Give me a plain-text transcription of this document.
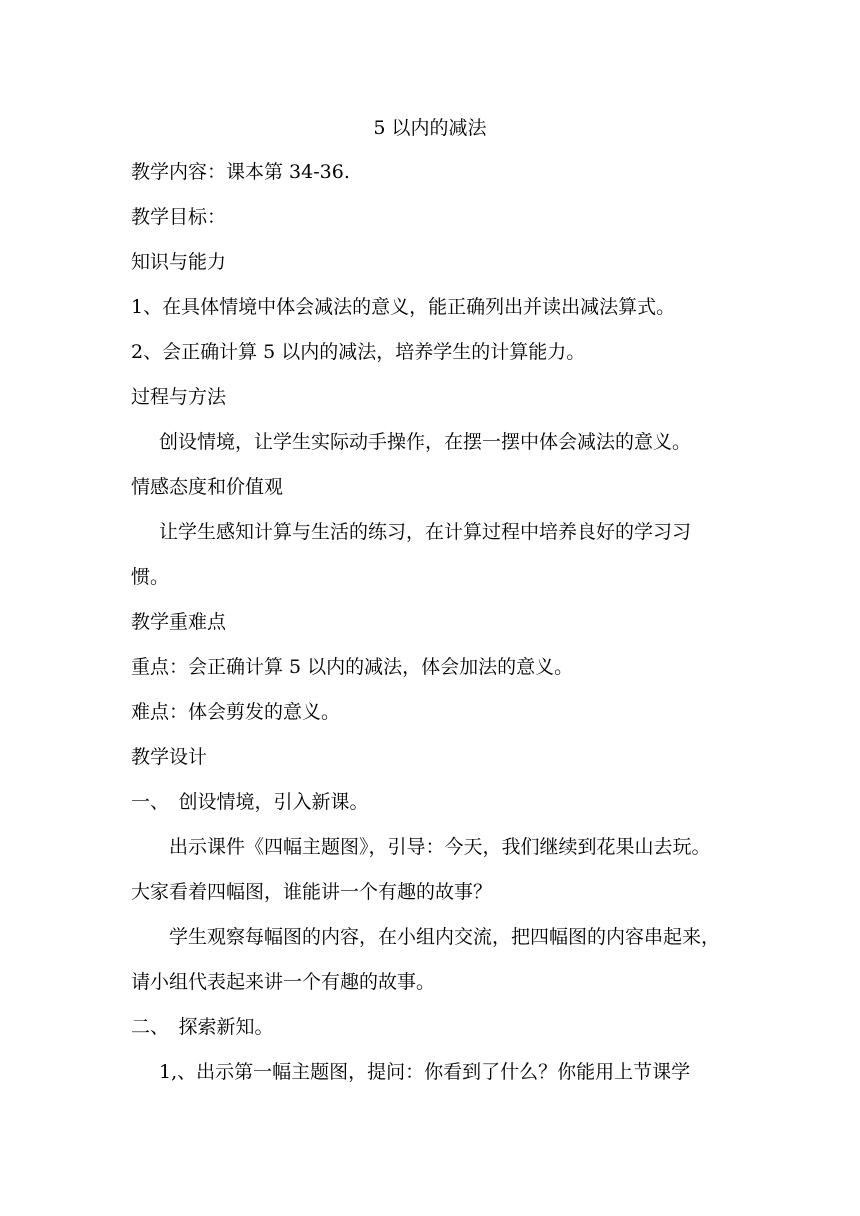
5 以内的减法
教学内容：课本第 34-36.
教学目标：
知识与能力
1、在具体情境中体会减法的意义，能正确列出并读出减法算式。
2、会正确计算 5 以内的减法，培养学生的计算能力。
过程与方法
创设情境，让学生实际动手操作，在摆一摆中体会减法的意义。
情感态度和价值观
让学生感知计算与生活的练习，在计算过程中培养良好的学习习
惯。
教学重难点
重点：会正确计算 5 以内的减法，体会加法的意义。
难点：体会剪发的意义。
教学设计
一、　创设情境，引入新课。
出示课件《四幅主题图》，引导：今天，我们继续到花果山去玩。
大家看着四幅图，谁能讲一个有趣的故事？
学生观察每幅图的内容，在小组内交流，把四幅图的内容串起来，
请小组代表起来讲一个有趣的故事。
二、　探索新知。
1,、出示第一幅主题图，提问：你看到了什么？你能用上节课学
